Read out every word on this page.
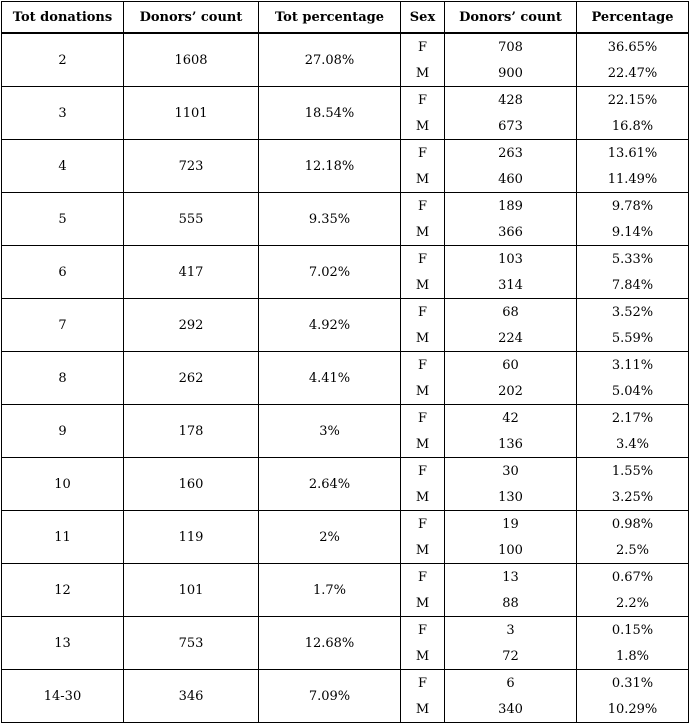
Tot donations	Donors’ count	Tot percentage	Sex	Donors’ count	Percentage
2	1608	27.08%	F	708	36.65%
			M	900	22.47%
3	1101	18.54%	F	428	22.15%
			M	673	16.8%
4	723	12.18%	F	263	13.61%
			M	460	11.49%
5	555	9.35%	F	189	9.78%
			M	366	9.14%
6	417	7.02%	F	103	5.33%
			M	314	7.84%
7	292	4.92%	F	68	3.52%
			M	224	5.59%
8	262	4.41%	F	60	3.11%
			M	202	5.04%
9	178	3%	F	42	2.17%
			M	136	3.4%
10	160	2.64%	F	30	1.55%
			M	130	3.25%
11	119	2%	F	19	0.98%
			M	100	2.5%
12	101	1.7%	F	13	0.67%
			M	88	2.2%
13	753	12.68%	F	3	0.15%
			M	72	1.8%
14-30	346	7.09%	F	6	0.31%
			M	340	10.29%
